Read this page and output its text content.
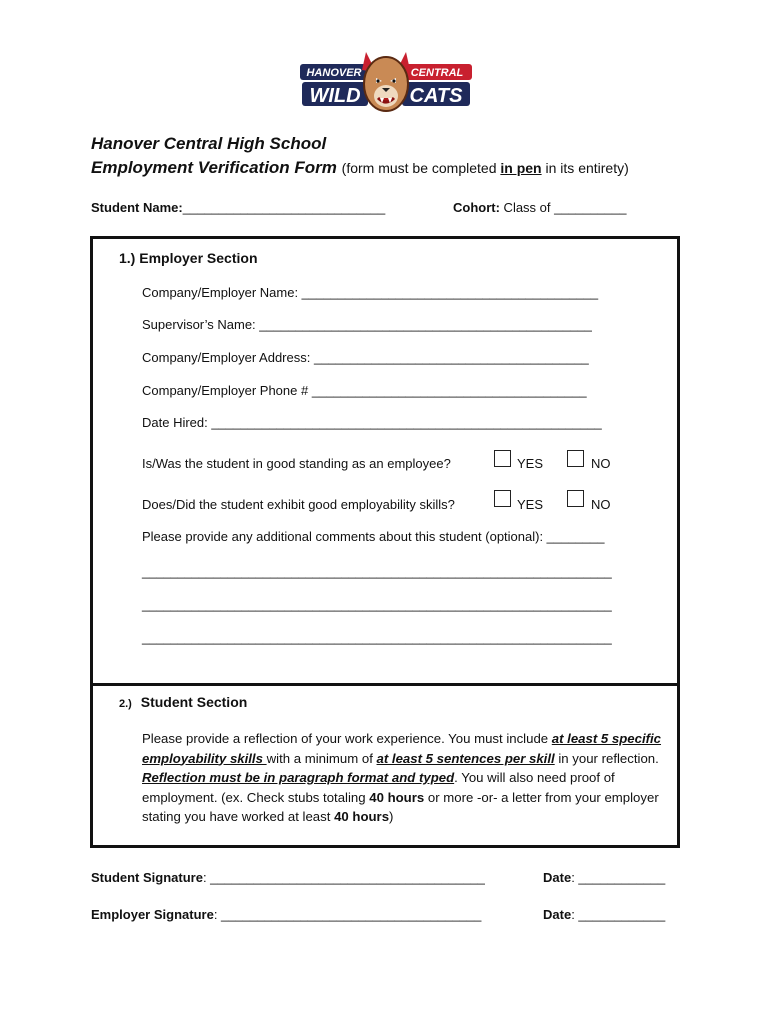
HANOVER	CENTRAL
WILD CATS
Hanover Central High School
Employment Verification Form (form must be completed in pen in its entirety)
Student Name:____________________________	Cohort: Class of __________
1.) Employer Section
Company/Employer Name: _________________________________________
Supervisor’s Name: ______________________________________________
Company/Employer Address: ______________________________________
Company/Employer Phone # ______________________________________
Date Hired: ______________________________________________________
Is/Was the student in good standing as an employee?	YES	NO
Does/Did the student exhibit good employability skills?	YES	NO
Please provide any additional comments about this student (optional): ________
__________________________________________________________________
__________________________________________________________________
__________________________________________________________________
2.) Student Section
Please provide a reflection of your work experience. You must include at least 5 specific employability skills with a minimum of at least 5 sentences per skill in your reflection. Reflection must be in paragraph format and typed. You will also need proof of employment. (ex. Check stubs totaling 40 hours or more -or- a letter from your employer stating you have worked at least 40 hours)
Student Signature: ______________________________________	Date: ____________
Employer Signature: ____________________________________	Date: ____________
